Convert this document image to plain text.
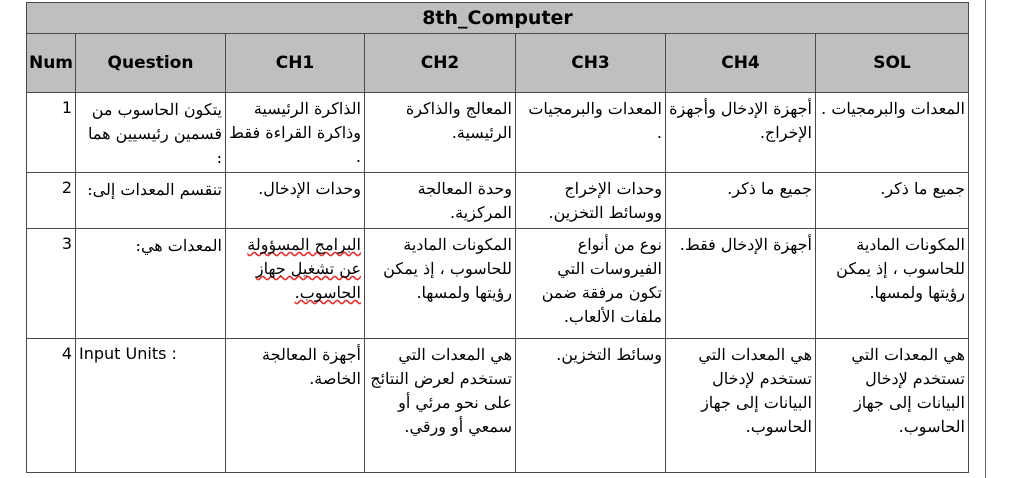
8th_Computer						
Num	Question	CH1	CH2	CH3	CH4	SOL
1	يتكون الحاسوب من قسمين رئيسيين هما :	الذاكرة الرئيسية وذاكرة القراءة فقط .	المعالج والذاكرة الرئيسية.	المعدات والبرمجيات .	أجهزة الإدخال وأجهزة الإخراج.	المعدات والبرمجيات .
2	تنقسم المعدات إلى:	وحدات الإدخال.	وحدة المعالجة المركزية.	وحدات الإخراج ووسائط التخزين.	جميع ما ذكر.	جميع ما ذكر.
3	المعدات هي:	البرامج المسؤولة عن تشغيل جهاز الحاسوب.	المكونات المادية للحاسوب ، إذ يمكن رؤيتها ولمسها.	نوع من أنواع الفيروسات التي تكون مرفقة ضمن ملفات الألعاب.	أجهزة الإدخال فقط.	المكونات المادية للحاسوب ، إذ يمكن رؤيتها ولمسها.
4	Input Units :	أجهزة المعالجة الخاصة.	هي المعدات التي تستخدم لعرض النتائج على نحو مرئي أو سمعي أو ورقي.	وسائط التخزين.	هي المعدات التي تستخدم لإدخال البيانات إلى جهاز الحاسوب.	هي المعدات التي تستخدم لإدخال البيانات إلى جهاز الحاسوب.
